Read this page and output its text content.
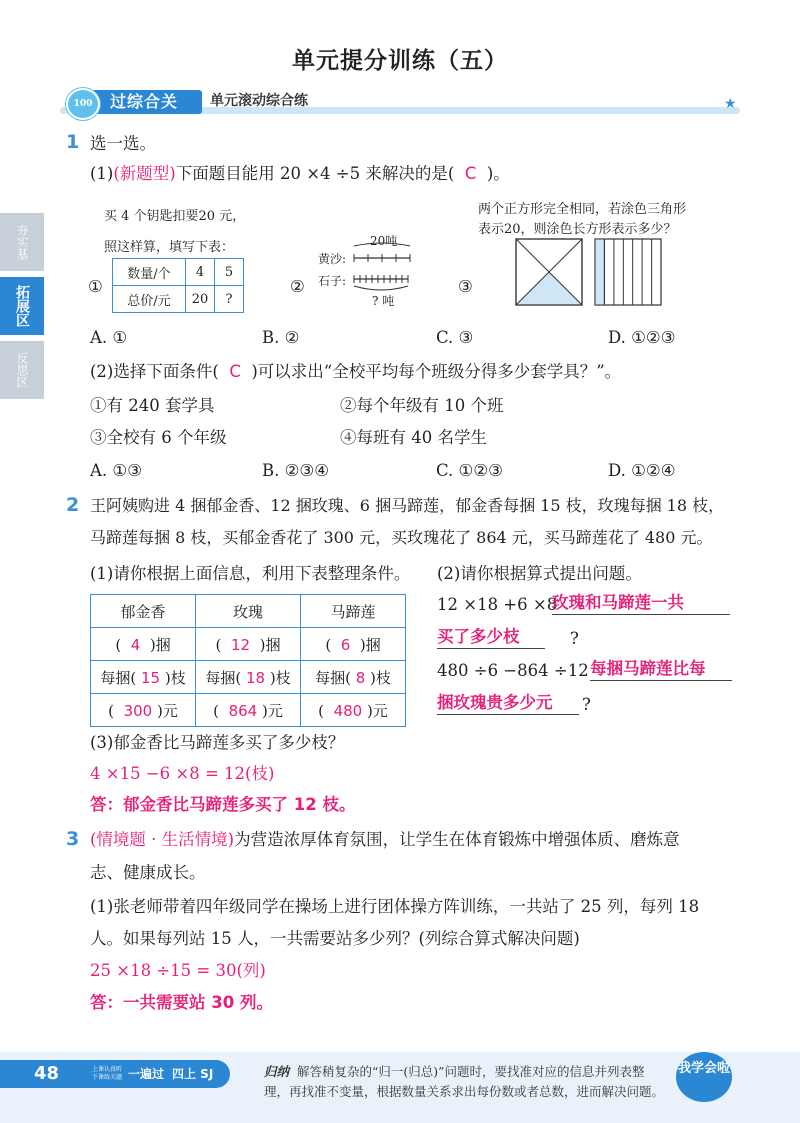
单元提分训练（五）
过综合关
100	单元滚动综合练	★
夯实基
拓展区
反思区
1 选一选。
(1)(新题型)下面题目能用 20 ×4 ÷5 来解决的是( C )。
买 4 个钥匙扣要20 元，
照这样算，填写下表：
①
数量/个	4	5
总价/元	20	?
②
20吨
黄沙:
石子:
? 吨
两个正方形完全相同，若涂色三角形
表示20，则涂色长方形表示多少？
③
A. ①	B. ②	C. ③	D. ①②③
(2)选择下面条件( C )可以求出“全校平均每个班级分得多少套学具？”。
①有 240 套学具	②每个年级有 10 个班
③全校有 6 个年级	④每班有 40 名学生
A. ①③	B. ②③④	C. ①②③	D. ①②④
2 王阿姨购进 4 捆郁金香、12 捆玫瑰、6 捆马蹄莲，郁金香每捆 15 枝，玫瑰每捆 18 枝，
马蹄莲每捆 8 枝，买郁金香花了 300 元，买玫瑰花了 864 元，买马蹄莲花了 480 元。
(1)请你根据上面信息，利用下表整理条件。 (2)请你根据算式提出问题。
郁金香	玫瑰	马蹄莲
( 4 )捆	( 12 )捆	( 6 )捆
每捆( 15 )枝	每捆( 18 )枝	每捆( 8 )枝
( 300 )元	( 864 )元	( 480 )元
12 ×18 +6 ×8
玫瑰和马蹄莲一共
买了多少枝	?
480 ÷6 −864 ÷12 每捆马蹄莲比每
捆玫瑰贵多少元	?
(3)郁金香比马蹄莲多买了多少枝？
4 ×15 −6 ×8 = 12(枝)
答：郁金香比马蹄莲多买了 12 枝。
3 (情境题 · 生活情境)为营造浓厚体育氛围，让学生在体育锻炼中增强体质、磨炼意
志、健康成长。
(1)张老师带着四年级同学在操场上进行团体操方阵训练，一共站了 25 列，每列 18
人。如果每列站 15 人，一共需要站多少列？(列综合算式解决问题)
25 ×18 ÷15 = 30(列)
答：一共需要站 30 列。
48	上课认真听
下课练关题 一遍过 四上 SJ	归纳 解答稍复杂的“归一(归总)”问题时，要找准对应的信息并列表整
理，再找准不变量，根据数量关系求出每份数或者总数，进而解决问题。
我学会啦
